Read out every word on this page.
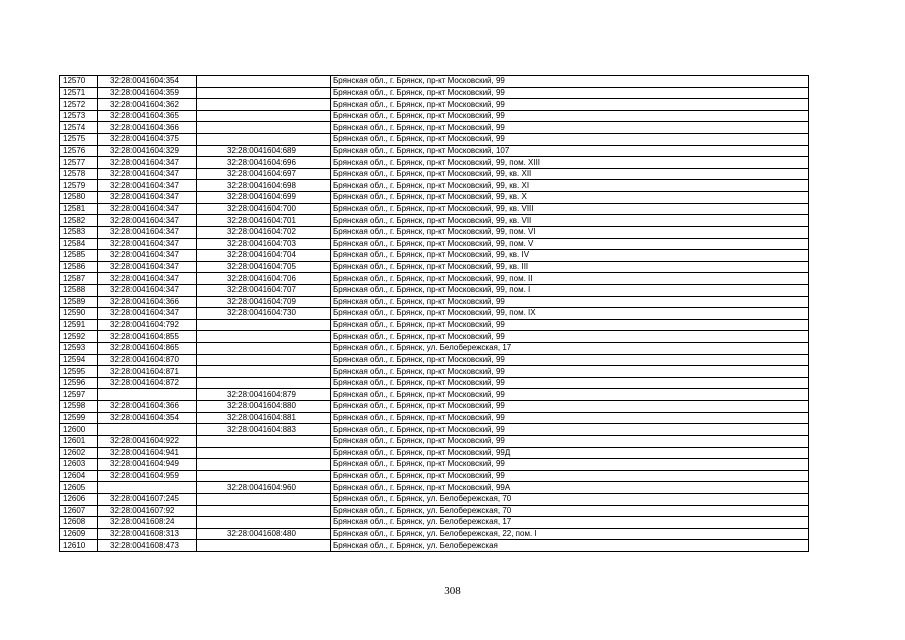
12570	32:28:0041604:354		Брянская обл., г. Брянск, пр-кт Московский, 99
12571	32:28:0041604:359		Брянская обл., г. Брянск, пр-кт Московский, 99
12572	32:28:0041604:362		Брянская обл., г. Брянск, пр-кт Московский, 99
12573	32:28:0041604:365		Брянская обл., г. Брянск, пр-кт Московский, 99
12574	32:28:0041604:366		Брянская обл., г. Брянск, пр-кт Московский, 99
12575	32:28:0041604:375		Брянская обл., г. Брянск, пр-кт Московский, 99
12576	32:28:0041604:329	32:28:0041604:689	Брянская обл., г. Брянск, пр-кт Московский, 107
12577	32:28:0041604:347	32:28:0041604:696	Брянская обл., г. Брянск, пр-кт Московский, 99, пом. XIII
12578	32:28:0041604:347	32:28:0041604:697	Брянская обл., г. Брянск, пр-кт Московский, 99, кв. XII
12579	32:28:0041604:347	32:28:0041604:698	Брянская обл., г. Брянск, пр-кт Московский, 99, кв. XI
12580	32:28:0041604:347	32:28:0041604:699	Брянская обл., г. Брянск, пр-кт Московский, 99, кв. X
12581	32:28:0041604:347	32:28:0041604:700	Брянская обл., г. Брянск, пр-кт Московский, 99, кв. VIII
12582	32:28:0041604:347	32:28:0041604:701	Брянская обл., г. Брянск, пр-кт Московский, 99, кв. VII
12583	32:28:0041604:347	32:28:0041604:702	Брянская обл., г. Брянск, пр-кт Московский, 99, пом. VI
12584	32:28:0041604:347	32:28:0041604:703	Брянская обл., г. Брянск, пр-кт Московский, 99, пом. V
12585	32:28:0041604:347	32:28:0041604:704	Брянская обл., г. Брянск, пр-кт Московский, 99, кв. IV
12586	32:28:0041604:347	32:28:0041604:705	Брянская обл., г. Брянск, пр-кт Московский, 99, кв. III
12587	32:28:0041604:347	32:28:0041604:706	Брянская обл., г. Брянск, пр-кт Московский, 99, пом. II
12588	32:28:0041604:347	32:28:0041604:707	Брянская обл., г. Брянск, пр-кт Московский, 99, пом. I
12589	32:28:0041604:366	32:28:0041604:709	Брянская обл., г. Брянск, пр-кт Московский, 99
12590	32:28:0041604:347	32:28:0041604:730	Брянская обл., г. Брянск, пр-кт Московский, 99, пом. IX
12591	32:28:0041604:792		Брянская обл., г. Брянск, пр-кт Московский, 99
12592	32:28:0041604:855		Брянская обл., г. Брянск, пр-кт Московский, 99
12593	32:28:0041604:865		Брянская обл., г. Брянск, ул. Белобережская, 17
12594	32:28:0041604:870		Брянская обл., г. Брянск, пр-кт Московский, 99
12595	32:28:0041604:871		Брянская обл., г. Брянск, пр-кт Московский, 99
12596	32:28:0041604:872		Брянская обл., г. Брянск, пр-кт Московский, 99
12597		32:28:0041604:879	Брянская обл., г. Брянск, пр-кт Московский, 99
12598	32:28:0041604:366	32:28:0041604:880	Брянская обл., г. Брянск, пр-кт Московский, 99
12599	32:28:0041604:354	32:28:0041604:881	Брянская обл., г. Брянск, пр-кт Московский, 99
12600		32:28:0041604:883	Брянская обл., г. Брянск, пр-кт Московский, 99
12601	32:28:0041604:922		Брянская обл., г. Брянск, пр-кт Московский, 99
12602	32:28:0041604:941		Брянская обл., г. Брянск, пр-кт Московский, 99Д
12603	32:28:0041604:949		Брянская обл., г. Брянск, пр-кт Московский, 99
12604	32:28:0041604:959		Брянская обл., г. Брянск, пр-кт Московский, 99
12605		32:28:0041604:960	Брянская обл., г. Брянск, пр-кт Московский, 99А
12606	32:28:0041607:245		Брянская обл., г. Брянск, ул. Белобережская, 70
12607	32:28:0041607:92		Брянская обл., г. Брянск, ул. Белобережская, 70
12608	32:28:0041608:24		Брянская обл., г. Брянск, ул. Белобережская, 17
12609	32:28:0041608:313	32:28:0041608:480	Брянская обл., г. Брянск, ул. Белобережская, 22, пом. I
12610	32:28:0041608:473		Брянская обл., г. Брянск, ул. Белобережская
308
